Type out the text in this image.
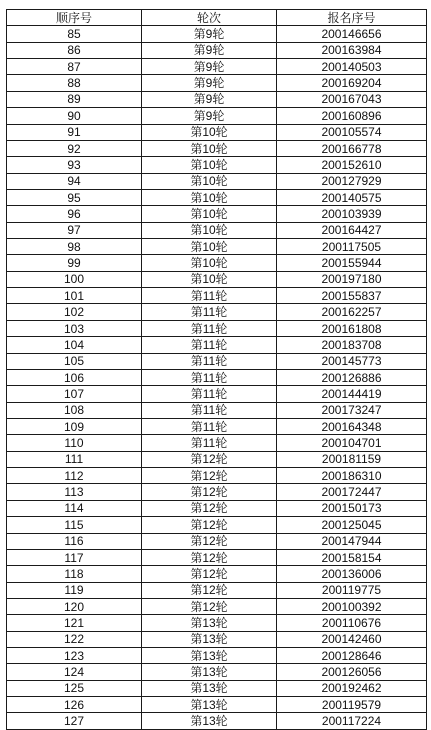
顺序号	轮次	报名序号
85	第9轮	200146656
86	第9轮	200163984
87	第9轮	200140503
88	第9轮	200169204
89	第9轮	200167043
90	第9轮	200160896
91	第10轮	200105574
92	第10轮	200166778
93	第10轮	200152610
94	第10轮	200127929
95	第10轮	200140575
96	第10轮	200103939
97	第10轮	200164427
98	第10轮	200117505
99	第10轮	200155944
100	第10轮	200197180
101	第11轮	200155837
102	第11轮	200162257
103	第11轮	200161808
104	第11轮	200183708
105	第11轮	200145773
106	第11轮	200126886
107	第11轮	200144419
108	第11轮	200173247
109	第11轮	200164348
110	第11轮	200104701
111	第12轮	200181159
112	第12轮	200186310
113	第12轮	200172447
114	第12轮	200150173
115	第12轮	200125045
116	第12轮	200147944
117	第12轮	200158154
118	第12轮	200136006
119	第12轮	200119775
120	第12轮	200100392
121	第13轮	200110676
122	第13轮	200142460
123	第13轮	200128646
124	第13轮	200126056
125	第13轮	200192462
126	第13轮	200119579
127	第13轮	200117224
